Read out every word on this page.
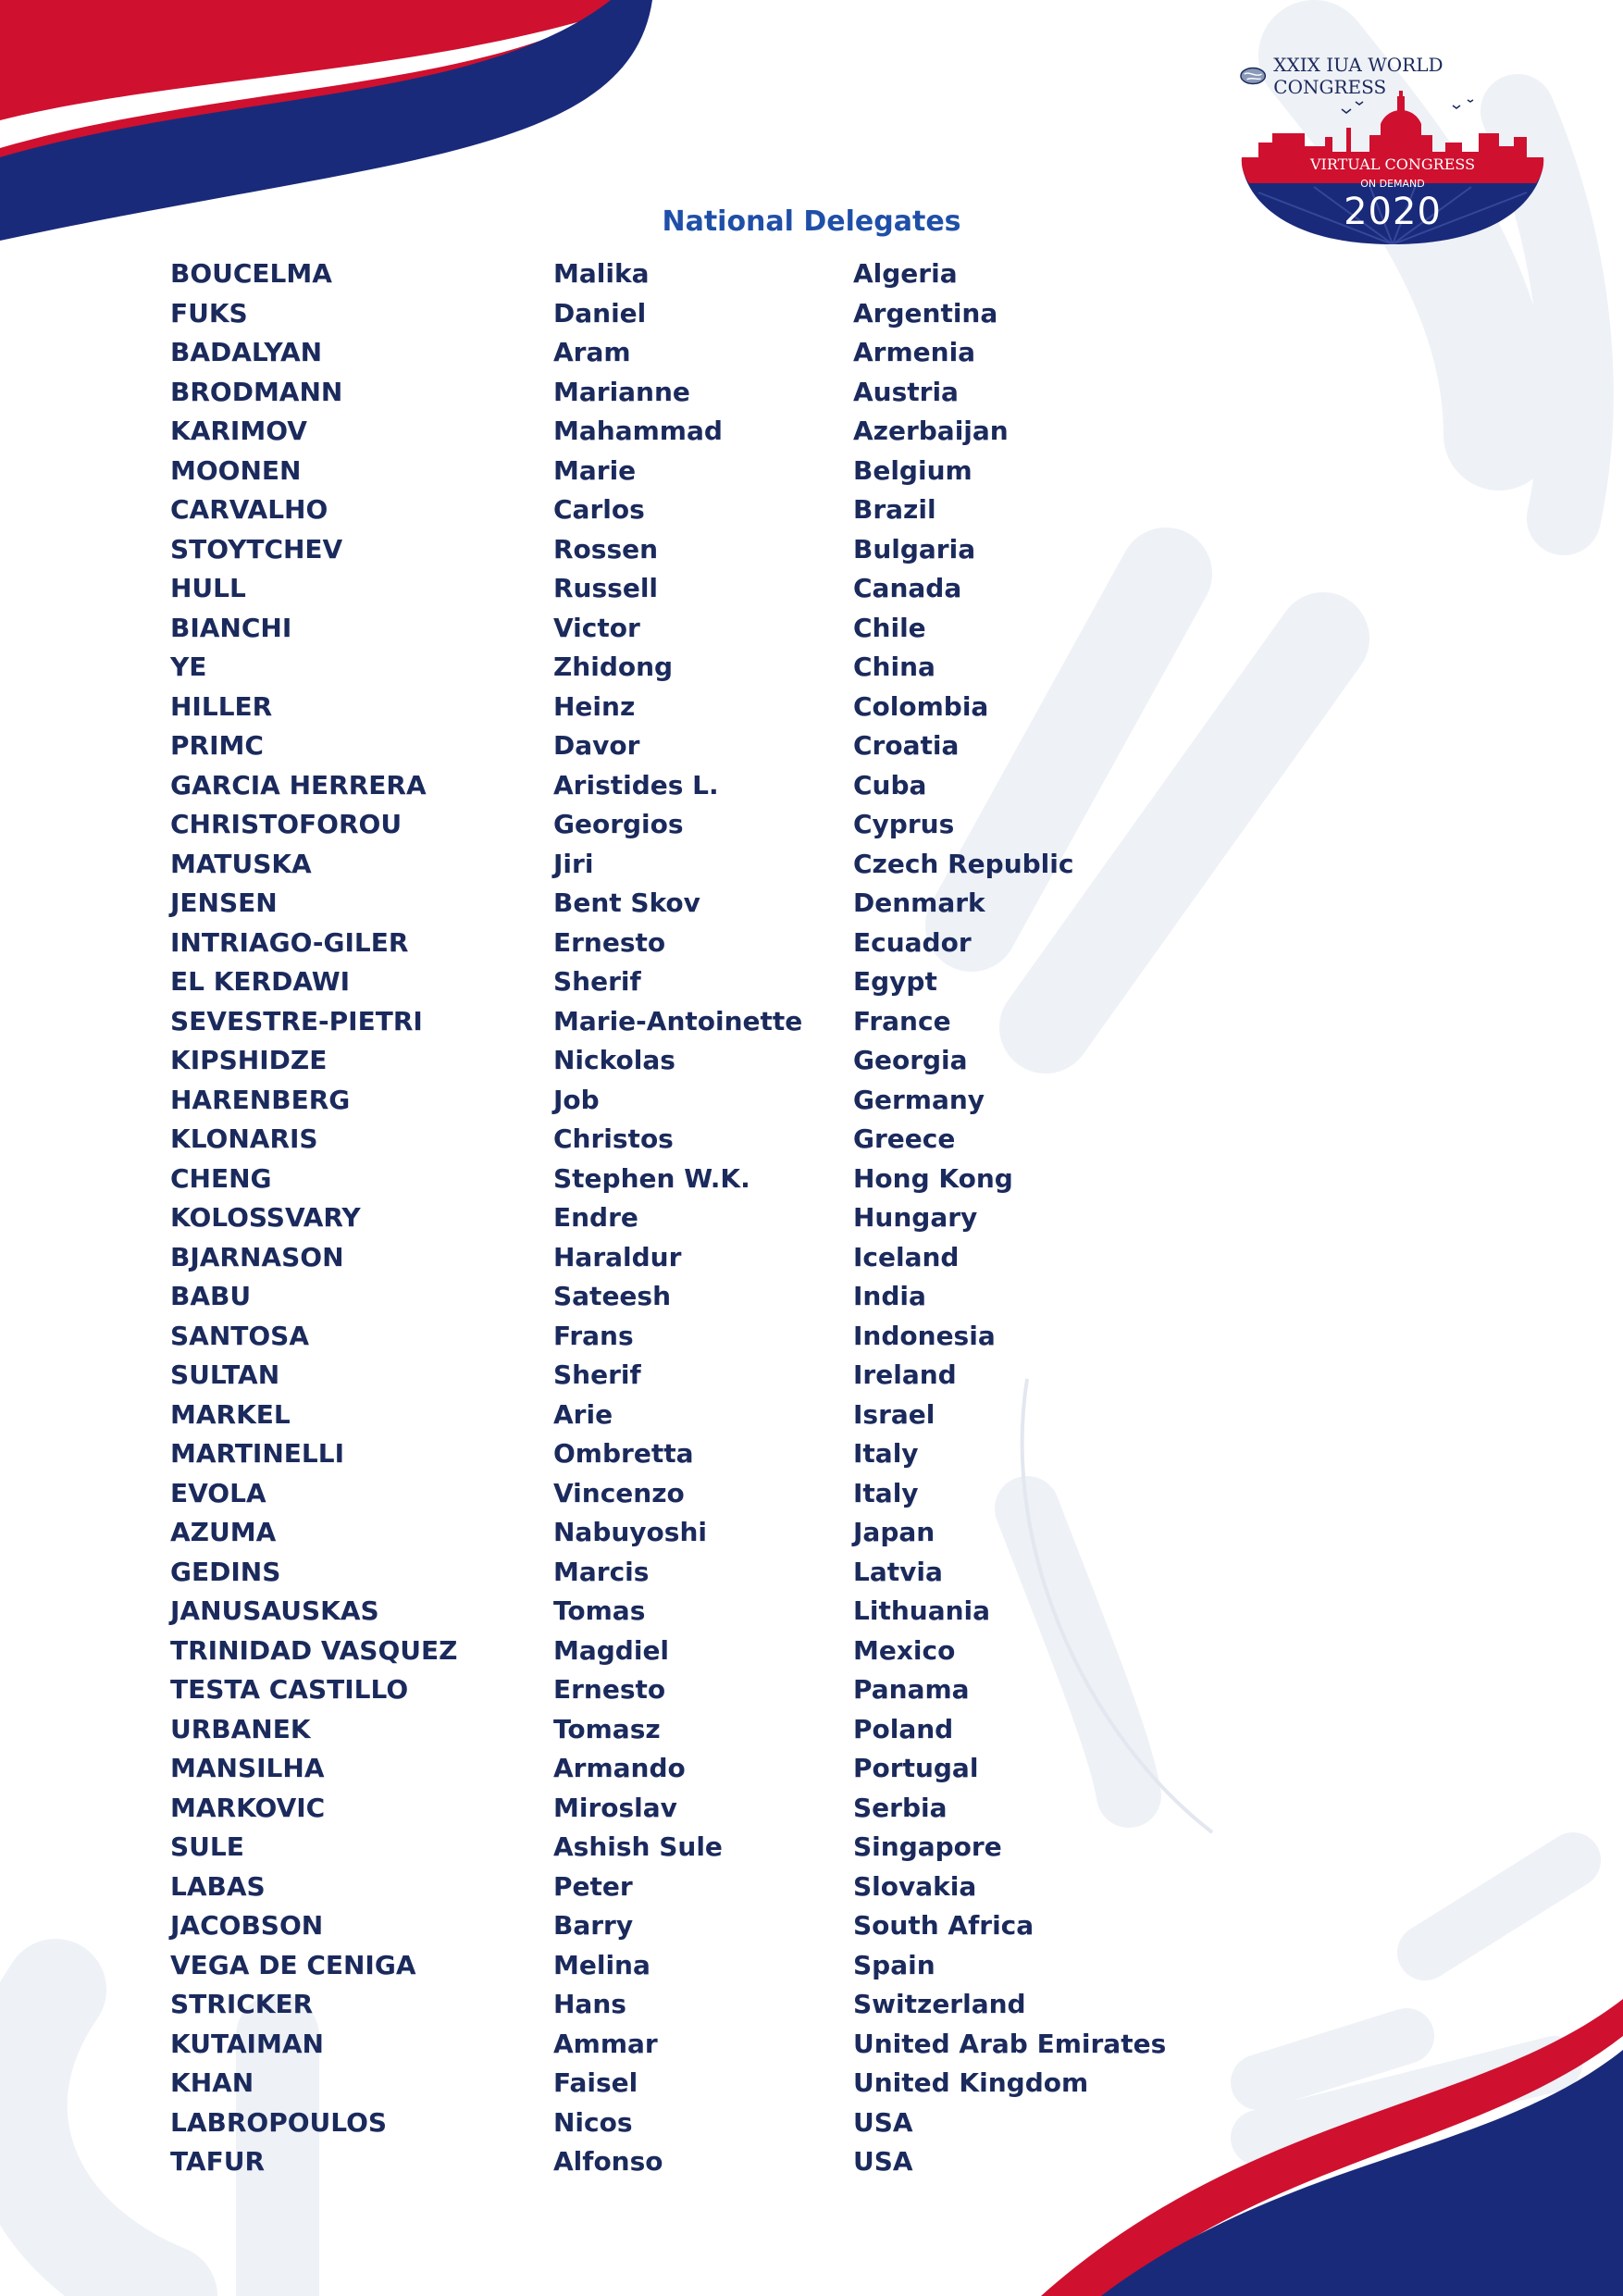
XXIX IUA WORLD CONGRESS
VIRTUAL CONGRESS
ON DEMAND
2020
National Delegates
BOUCELMA
FUKS
BADALYAN
BRODMANN
KARIMOV
MOONEN
CARVALHO
STOYTCHEV
HULL
BIANCHI
YE
HILLER
PRIMC
GARCIA HERRERA
CHRISTOFOROU
MATUSKA
JENSEN
INTRIAGO-GILER
EL KERDAWI
SEVESTRE-PIETRI
KIPSHIDZE
HARENBERG
KLONARIS
CHENG
KOLOSSVARY
BJARNASON
BABU
SANTOSA
SULTAN
MARKEL
MARTINELLI
EVOLA
AZUMA
GEDINS
JANUSAUSKAS
TRINIDAD VASQUEZ
TESTA CASTILLO
URBANEK
MANSILHA
MARKOVIC
SULE
LABAS
JACOBSON
VEGA DE CENIGA
STRICKER
KUTAIMAN
KHAN
LABROPOULOS
TAFUR
Malika
Daniel
Aram
Marianne
Mahammad
Marie
Carlos
Rossen
Russell
Victor
Zhidong
Heinz
Davor
Aristides L.
Georgios
Jiri
Bent Skov
Ernesto
Sherif
Marie-Antoinette
Nickolas
Job
Christos
Stephen W.K.
Endre
Haraldur
Sateesh
Frans
Sherif
Arie
Ombretta
Vincenzo
Nabuyoshi
Marcis
Tomas
Magdiel
Ernesto
Tomasz
Armando
Miroslav
Ashish Sule
Peter
Barry
Melina
Hans
Ammar
Faisel
Nicos
Alfonso
Algeria
Argentina
Armenia
Austria
Azerbaijan
Belgium
Brazil
Bulgaria
Canada
Chile
China
Colombia
Croatia
Cuba
Cyprus
Czech Republic
Denmark
Ecuador
Egypt
France
Georgia
Germany
Greece
Hong Kong
Hungary
Iceland
India
Indonesia
Ireland
Israel
Italy
Italy
Japan
Latvia
Lithuania
Mexico
Panama
Poland
Portugal
Serbia
Singapore
Slovakia
South Africa
Spain
Switzerland
United Arab Emirates
United Kingdom
USA
USA
